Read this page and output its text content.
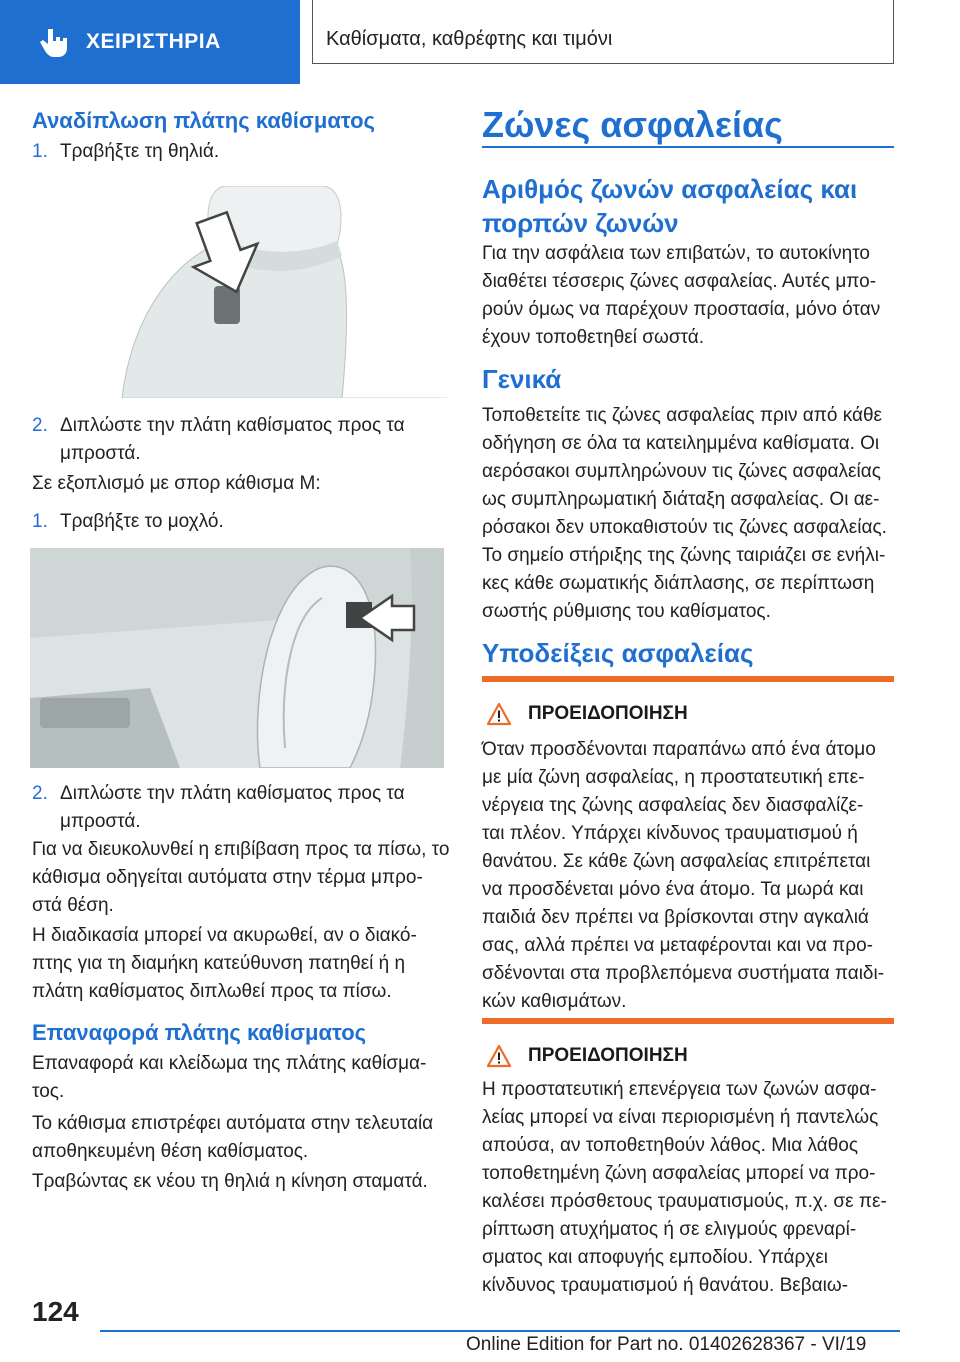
ΧΕΙΡΙΣΤΗΡΙΑ	Καθίσματα, καθρέφτης και τιμόνι
Αναδίπλωση πλάτης καθίσματος
1. Τραβήξτε τη θηλιά.
2. Διπλώστε την πλάτη καθίσματος προς τα
μπροστά.
Σε εξοπλισμό με σπορ κάθισμα M:
1. Τραβήξτε το μοχλό.
2. Διπλώστε την πλάτη καθίσματος προς τα
μπροστά.
Για να διευκολυνθεί η επιβίβαση προς τα πίσω, το
κάθισμα οδηγείται αυτόματα στην τέρμα μπρο-
στά θέση.
Η διαδικασία μπορεί να ακυρωθεί, αν ο διακό-
πτης για τη διαμήκη κατεύθυνση πατηθεί ή η
πλάτη καθίσματος διπλωθεί προς τα πίσω.
Επαναφορά πλάτης καθίσματος
Επαναφορά και κλείδωμα της πλάτης καθίσμα-
τος.
Το κάθισμα επιστρέφει αυτόματα στην τελευταία
αποθηκευμένη θέση καθίσματος.
Τραβώντας εκ νέου τη θηλιά η κίνηση σταματά.
Ζώνες ασφαλείας
Αριθμός ζωνών ασφαλείας και
πορπών ζωνών
Για την ασφάλεια των επιβατών, το αυτοκίνητο
διαθέτει τέσσερις ζώνες ασφαλείας. Αυτές μπο-
ρούν όμως να παρέχουν προστασία, μόνο όταν
έχουν τοποθετηθεί σωστά.
Γενικά
Τοποθετείτε τις ζώνες ασφαλείας πριν από κάθε
οδήγηση σε όλα τα κατειλημμένα καθίσματα. Οι
αερόσακοι συμπληρώνουν τις ζώνες ασφαλείας
ως συμπληρωματική διάταξη ασφαλείας. Οι αε-
ρόσακοι δεν υποκαθιστούν τις ζώνες ασφαλείας.
Το σημείο στήριξης της ζώνης ταιριάζει σε ενήλι-
κες κάθε σωματικής διάπλασης, σε περίπτωση
σωστής ρύθμισης του καθίσματος.
Υποδείξεις ασφαλείας
ΠΡΟΕΙΔΟΠΟΙΗΣΗ
Όταν προσδένονται παραπάνω από ένα άτομο
με μία ζώνη ασφαλείας, η προστατευτική επε-
νέργεια της ζώνης ασφαλείας δεν διασφαλίζε-
ται πλέον. Υπάρχει κίνδυνος τραυματισμού ή
θανάτου. Σε κάθε ζώνη ασφαλείας επιτρέπεται
να προσδένεται μόνο ένα άτομο. Τα μωρά και
παιδιά δεν πρέπει να βρίσκονται στην αγκαλιά
σας, αλλά πρέπει να μεταφέρονται και να προ-
σδένονται στα προβλεπόμενα συστήματα παιδι-
κών καθισμάτων.
ΠΡΟΕΙΔΟΠΟΙΗΣΗ
Η προστατευτική επενέργεια των ζωνών ασφα-
λείας μπορεί να είναι περιορισμένη ή παντελώς
απούσα, αν τοποθετηθούν λάθος. Μια λάθος
τοποθετημένη ζώνη ασφαλείας μπορεί να προ-
καλέσει πρόσθετους τραυματισμούς, π.χ. σε πε-
ρίπτωση ατυχήματος ή σε ελιγμούς φρεναρί-
σματος και αποφυγής εμποδίου. Υπάρχει
κίνδυνος τραυματισμού ή θανάτου. Βεβαιω-
124
Online Edition for Part no. 01402628367 - VI/19
